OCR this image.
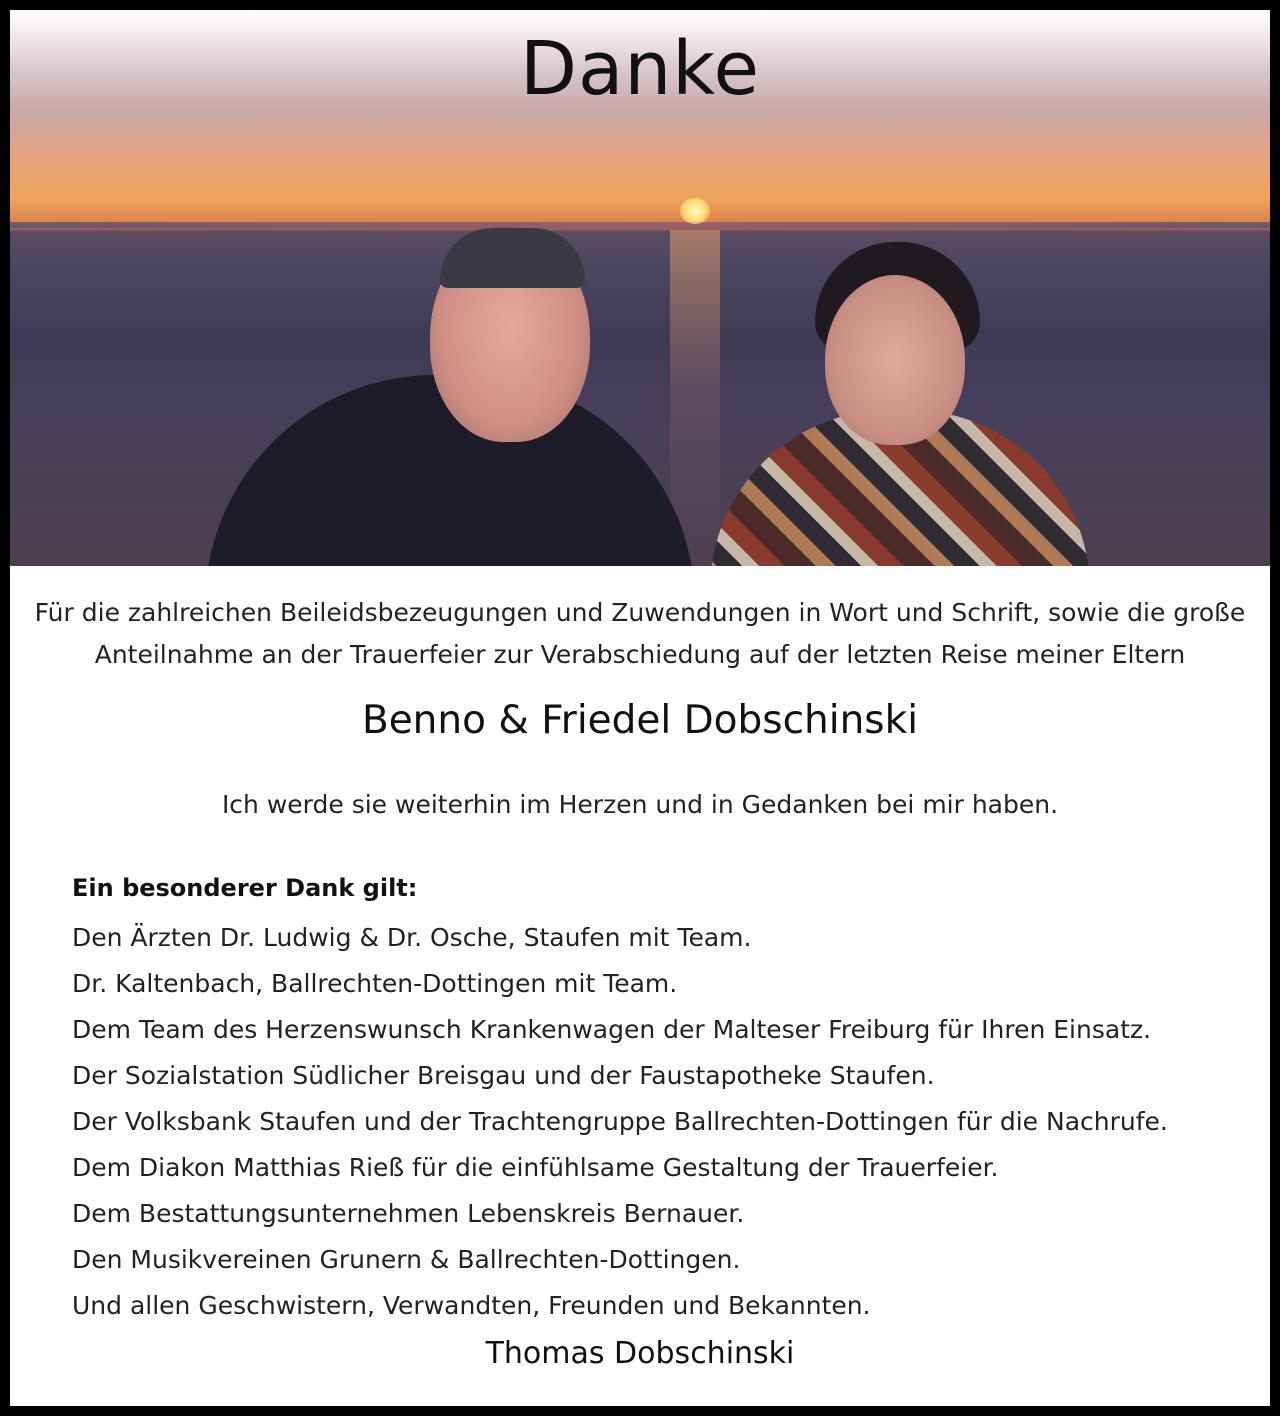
Danke
Für die zahlreichen Beileidsbezeugungen und Zuwendungen in Wort und Schrift, sowie die große Anteilnahme an der Trauerfeier zur Verabschiedung auf der letzten Reise meiner Eltern
Benno & Friedel Dobschinski
Ich werde sie weiterhin im Herzen und in Gedanken bei mir haben.
Ein besonderer Dank gilt:
Den Ärzten Dr. Ludwig & Dr. Osche, Staufen mit Team.
Dr. Kaltenbach, Ballrechten-Dottingen mit Team.
Dem Team des Herzenswunsch Krankenwagen der Malteser Freiburg für Ihren Einsatz.
Der Sozialstation Südlicher Breisgau und der Faustapotheke Staufen.
Der Volksbank Staufen und der Trachtengruppe Ballrechten-Dottingen für die Nachrufe.
Dem Diakon Matthias Rieß für die einfühlsame Gestaltung der Trauerfeier.
Dem Bestattungsunternehmen Lebenskreis Bernauer.
Den Musikvereinen Grunern & Ballrechten-Dottingen.
Und allen Geschwistern, Verwandten, Freunden und Bekannten.
Thomas Dobschinski
